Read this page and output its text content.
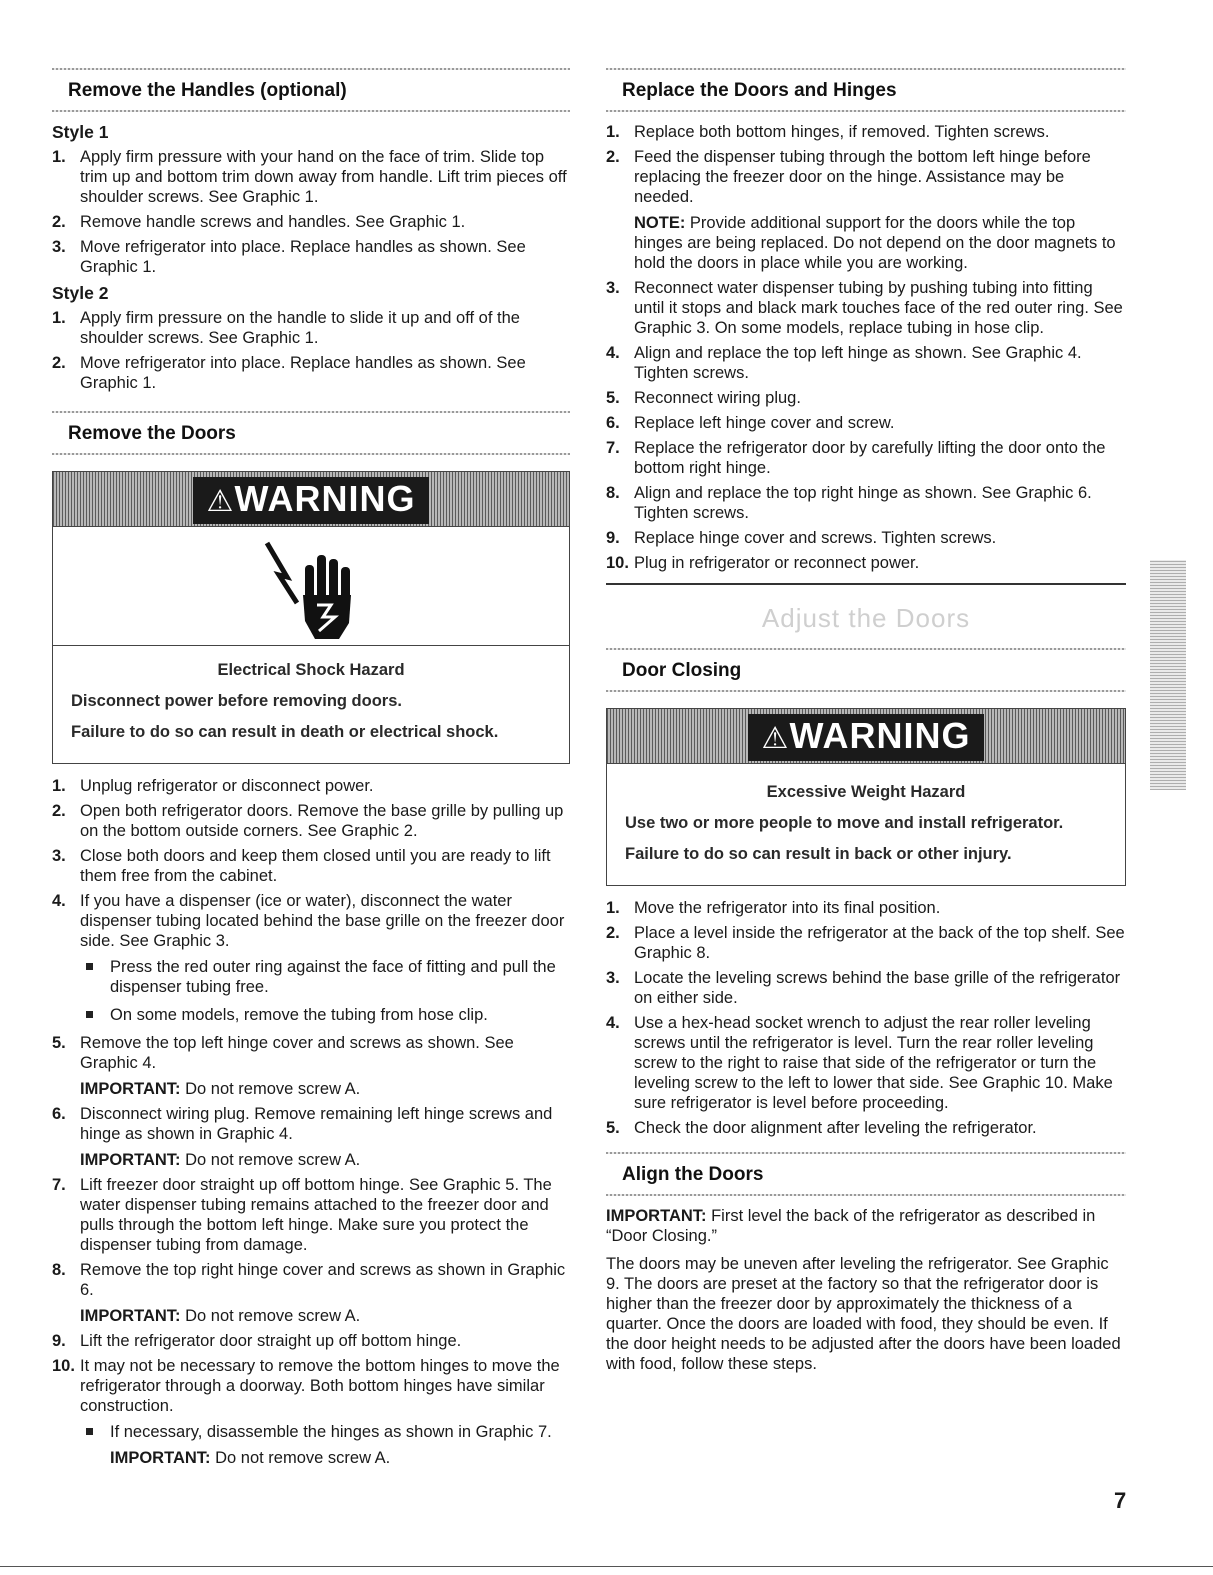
Remove the Handles (optional)
Style 1
1. Apply firm pressure with your hand on the face of trim. Slide top trim up and bottom trim down away from handle. Lift trim pieces off shoulder screws. See Graphic 1.
2. Remove handle screws and handles. See Graphic 1.
3. Move refrigerator into place. Replace handles as shown. See Graphic 1.
Style 2
1. Apply firm pressure on the handle to slide it up and off of the shoulder screws. See Graphic 1.
2. Move refrigerator into place. Replace handles as shown. See Graphic 1.
Remove the Doors
⚠WARNING
Electrical Shock Hazard

Disconnect power before removing doors.

Failure to do so can result in death or electrical shock.

1. Unplug refrigerator or disconnect power.
2. Open both refrigerator doors. Remove the base grille by pulling up on the bottom outside corners. See Graphic 2.
3. Close both doors and keep them closed until you are ready to lift them free from the cabinet.
4. If you have a dispenser (ice or water), disconnect the water dispenser tubing located behind the base grille on the freezer door side. See Graphic 3.
Press the red outer ring against the face of fitting and pull the dispenser tubing free.
On some models, remove the tubing from hose clip.
5. Remove the top left hinge cover and screws as shown. See Graphic 4.

IMPORTANT: Do not remove screw A.

6. Disconnect wiring plug. Remove remaining left hinge screws and hinge as shown in Graphic 4.

IMPORTANT: Do not remove screw A.

7. Lift freezer door straight up off bottom hinge. See Graphic 5. The water dispenser tubing remains attached to the freezer door and pulls through the bottom left hinge. Make sure you protect the dispenser tubing from damage.
8. Remove the top right hinge cover and screws as shown in Graphic 6.

IMPORTANT: Do not remove screw A.

9. Lift the refrigerator door straight up off bottom hinge.
10. It may not be necessary to remove the bottom hinges to move the refrigerator through a doorway. Both bottom hinges have similar construction.
If necessary, disassemble the hinges as shown in Graphic 7.

IMPORTANT: Do not remove screw A.

Replace the Doors and Hinges
1. Replace both bottom hinges, if removed. Tighten screws.
2. Feed the dispenser tubing through the bottom left hinge before replacing the freezer door on the hinge. Assistance may be needed.

NOTE: Provide additional support for the doors while the top hinges are being replaced. Do not depend on the door magnets to hold the doors in place while you are working.

3. Reconnect water dispenser tubing by pushing tubing into fitting until it stops and black mark touches face of the red outer ring. See Graphic 3. On some models, replace tubing in hose clip.
4. Align and replace the top left hinge as shown. See Graphic 4. Tighten screws.
5. Reconnect wiring plug.
6. Replace left hinge cover and screw.
7. Replace the refrigerator door by carefully lifting the door onto the bottom right hinge.
8. Align and replace the top right hinge as shown. See Graphic 6. Tighten screws.
9. Replace hinge cover and screws. Tighten screws.
10. Plug in refrigerator or reconnect power.
Adjust the Doors
Door Closing
⚠WARNING
Excessive Weight Hazard

Use two or more people to move and install refrigerator.

Failure to do so can result in back or other injury.

1. Move the refrigerator into its final position.
2. Place a level inside the refrigerator at the back of the top shelf. See Graphic 8.
3. Locate the leveling screws behind the base grille of the refrigerator on either side.
4. Use a hex-head socket wrench to adjust the rear roller leveling screws until the refrigerator is level. Turn the rear roller leveling screw to the right to raise that side of the refrigerator or turn the leveling screw to the left to lower that side. See Graphic 10. Make sure refrigerator is level before proceeding.
5. Check the door alignment after leveling the refrigerator.
Align the Doors

IMPORTANT: First level the back of the refrigerator as described in “Door Closing.”

The doors may be uneven after leveling the refrigerator. See Graphic 9. The doors are preset at the factory so that the refrigerator door is higher than the freezer door by approximately the thickness of a quarter. Once the doors are loaded with food, they should be even. If the door height needs to be adjusted after the doors have been loaded with food, follow these steps.

7
